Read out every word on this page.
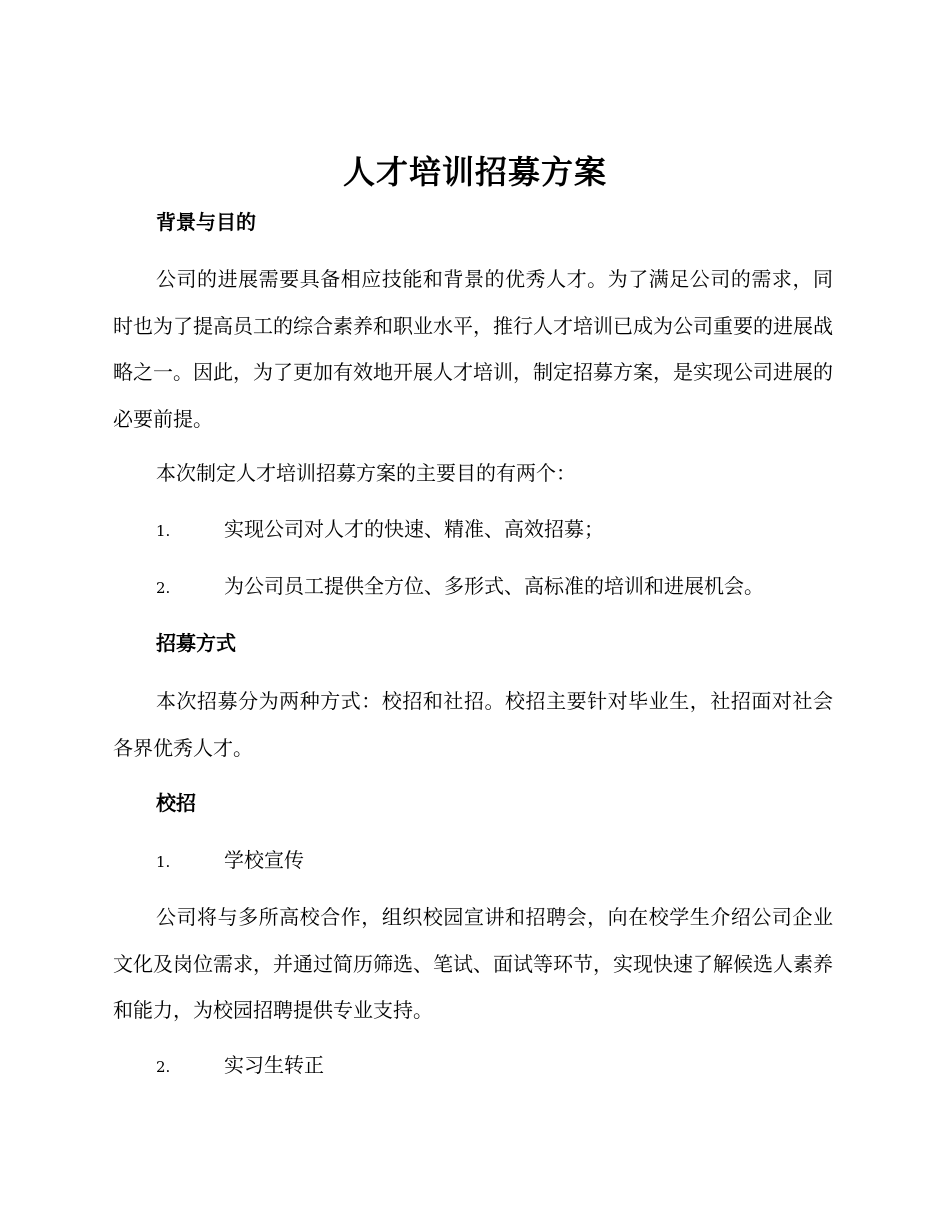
人才培训招募方案
背景与目的

公司的进展需要具备相应技能和背景的优秀人才。为了满足公司的需求，同时也为了提高员工的综合素养和职业水平，推行人才培训已成为公司重要的进展战略之一。因此，为了更加有效地开展人才培训，制定招募方案，是实现公司进展的必要前提。

本次制定人才培训招募方案的主要目的有两个：

1.	实现公司对人才的快速、精准、高效招募；
2.	为公司员工提供全方位、多形式、高标准的培训和进展机会。
招募方式

本次招募分为两种方式：校招和社招。校招主要针对毕业生，社招面对社会各界优秀人才。

校招
1.	学校宣传

公司将与多所高校合作，组织校园宣讲和招聘会，向在校学生介绍公司企业文化及岗位需求，并通过简历筛选、笔试、面试等环节，实现快速了解候选人素养和能力，为校园招聘提供专业支持。

2.	实习生转正
